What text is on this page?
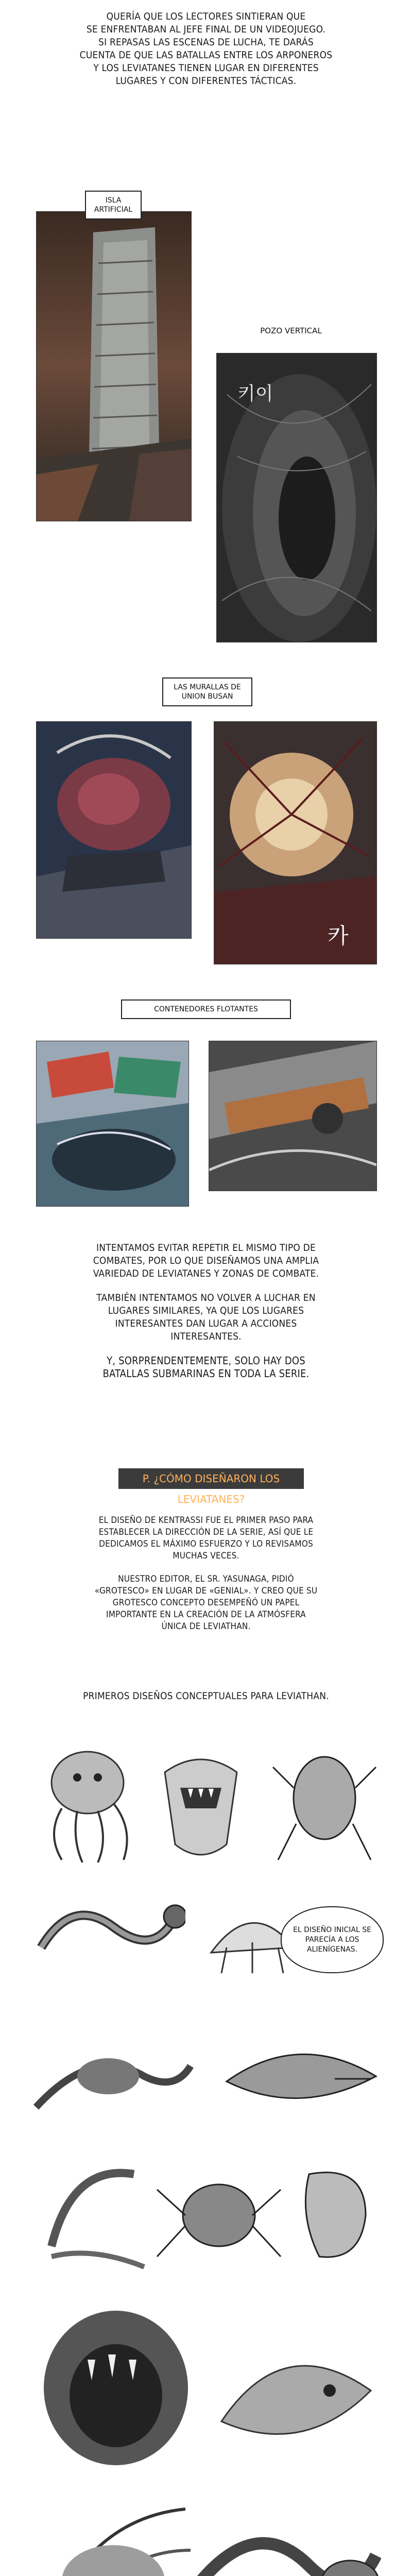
QUERÍA QUE LOS LECTORES SINTIERAN QUE
SE ENFRENTABAN AL JEFE FINAL DE UN VIDEOJUEGO.
SI REPASAS LAS ESCENAS DE LUCHA, TE DARÁS
CUENTA DE QUE LAS BATALLAS ENTRE LOS ARPONEROS
Y LOS LEVIATANES TIENEN LUGAR EN DIFERENTES
LUGARES Y CON DIFERENTES TÁCTICAS.
ISLA ARTIFICIAL
키이
POZO VERTICAL
LAS MURALLAS DE UNION BUSAN
카
CONTENEDORES FLOTANTES

INTENTAMOS EVITAR REPETIR EL MISMO TIPO DE COMBATES, POR LO QUE DISEÑAMOS UNA AMPLIA VARIEDAD DE LEVIATANES Y ZONAS DE COMBATE.

TAMBIÉN INTENTAMOS NO VOLVER A LUCHAR EN LUGARES SIMILARES, YA QUE LOS LUGARES INTERESANTES DAN LUGAR A ACCIONES INTERESANTES.

Y, SORPRENDENTEMENTE, SOLO HAY DOS BATALLAS SUBMARINAS EN TODA LA SERIE.

P. ¿CÓMO DISEÑARON LOS LEVIATANES?

EL DISEÑO DE KENTRASSI FUE EL PRIMER PASO PARA ESTABLECER LA DIRECCIÓN DE LA SERIE, ASÍ QUE LE DEDICAMOS EL MÁXIMO ESFUERZO Y LO REVISAMOS MUCHAS VECES.

NUESTRO EDITOR, EL SR. YASUNAGA, PIDIÓ «GROTESCO» EN LUGAR DE «GENIAL». Y CREO QUE SU GROTESCO CONCEPTO DESEMPEÑÓ UN PAPEL IMPORTANTE EN LA CREACIÓN DE LA ATMÓSFERA ÚNICA DE LEVIATHAN.

PRIMEROS DISEÑOS CONCEPTUALES PARA LEVIATHAN.
EL DISEÑO INICIAL SE PARECÍA A LOS ALIENÍGENAS.
